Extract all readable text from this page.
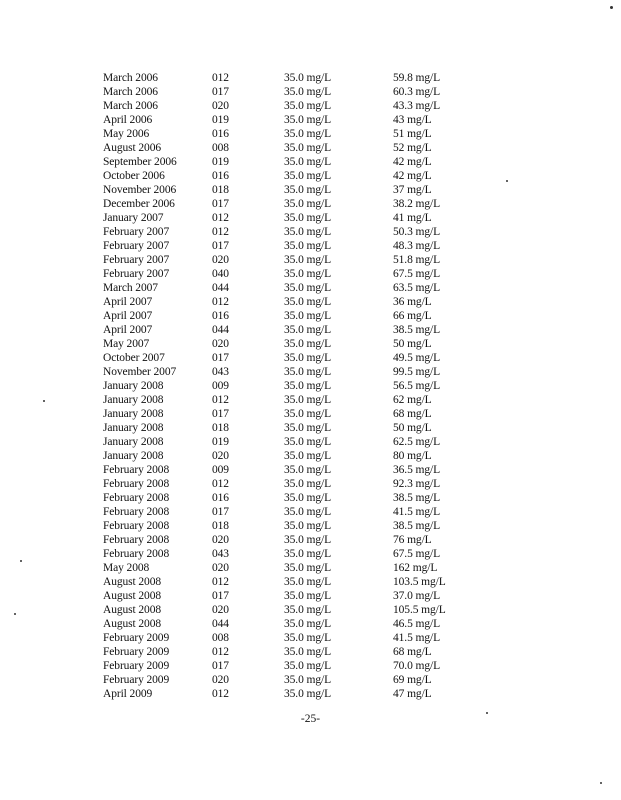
March 2006	012	35.0 mg/L	59.8 mg/L
March 2006	017	35.0 mg/L	60.3 mg/L
March 2006	020	35.0 mg/L	43.3 mg/L
April 2006	019	35.0 mg/L	43 mg/L
May 2006	016	35.0 mg/L	51 mg/L
August 2006	008	35.0 mg/L	52 mg/L
September 2006	019	35.0 mg/L	42 mg/L
October 2006	016	35.0 mg/L	42 mg/L
November 2006	018	35.0 mg/L	37 mg/L
December 2006	017	35.0 mg/L	38.2 mg/L
January 2007	012	35.0 mg/L	41 mg/L
February 2007	012	35.0 mg/L	50.3 mg/L
February 2007	017	35.0 mg/L	48.3 mg/L
February 2007	020	35.0 mg/L	51.8 mg/L
February 2007	040	35.0 mg/L	67.5 mg/L
March 2007	044	35.0 mg/L	63.5 mg/L
April 2007	012	35.0 mg/L	36 mg/L
April 2007	016	35.0 mg/L	66 mg/L
April 2007	044	35.0 mg/L	38.5 mg/L
May 2007	020	35.0 mg/L	50 mg/L
October 2007	017	35.0 mg/L	49.5 mg/L
November 2007	043	35.0 mg/L	99.5 mg/L
January 2008	009	35.0 mg/L	56.5 mg/L
January 2008	012	35.0 mg/L	62 mg/L
January 2008	017	35.0 mg/L	68 mg/L
January 2008	018	35.0 mg/L	50 mg/L
January 2008	019	35.0 mg/L	62.5 mg/L
January 2008	020	35.0 mg/L	80 mg/L
February 2008	009	35.0 mg/L	36.5 mg/L
February 2008	012	35.0 mg/L	92.3 mg/L
February 2008	016	35.0 mg/L	38.5 mg/L
February 2008	017	35.0 mg/L	41.5 mg/L
February 2008	018	35.0 mg/L	38.5 mg/L
February 2008	020	35.0 mg/L	76 mg/L
February 2008	043	35.0 mg/L	67.5 mg/L
May 2008	020	35.0 mg/L	162 mg/L
August 2008	012	35.0 mg/L	103.5 mg/L
August 2008	017	35.0 mg/L	37.0 mg/L
August 2008	020	35.0 mg/L	105.5 mg/L
August 2008	044	35.0 mg/L	46.5 mg/L
February 2009	008	35.0 mg/L	41.5 mg/L
February 2009	012	35.0 mg/L	68 mg/L
February 2009	017	35.0 mg/L	70.0 mg/L
February 2009	020	35.0 mg/L	69 mg/L
April 2009	012	35.0 mg/L	47 mg/L
-25-
